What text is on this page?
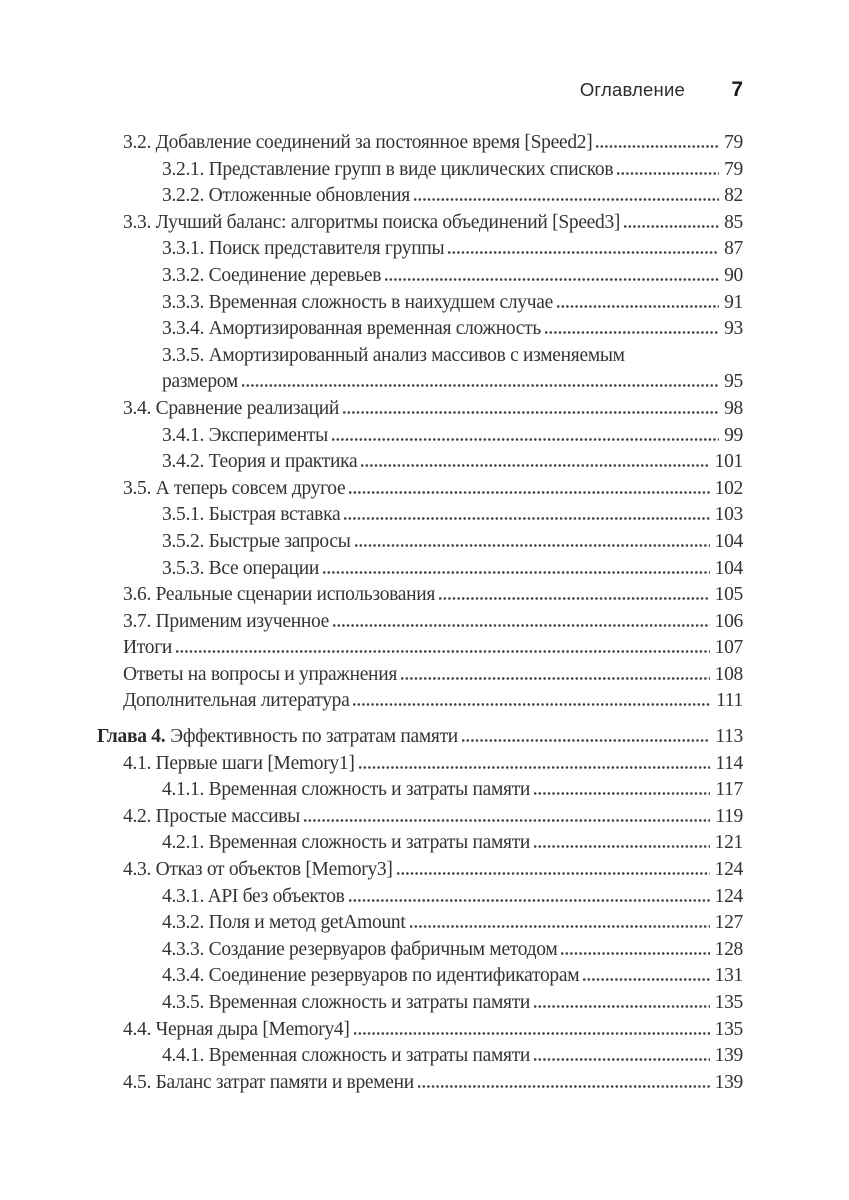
Оглавление	7
3.2. Добавление соединений за постоянное время [Speed2]	79
3.2.1. Представление групп в виде циклических списков	79
3.2.2. Отложенные обновления	82
3.3. Лучший баланс: алгоритмы поиска объединений [Speed3]	85
3.3.1. Поиск представителя группы	87
3.3.2. Соединение деревьев	90
3.3.3. Временная сложность в наихудшем случае	91
3.3.4. Амортизированная временная сложность	93
3.3.5. Амортизированный анализ массивов с изменяемым
размером	95
3.4. Сравнение реализаций	98
3.4.1. Эксперименты	99
3.4.2. Теория и практика	101
3.5. А теперь совсем другое	102
3.5.1. Быстрая вставка	103
3.5.2. Быстрые запросы	104
3.5.3. Все операции	104
3.6. Реальные сценарии использования	105
3.7. Применим изученное	106
Итоги	107
Ответы на вопросы и упражнения	108
Дополнительная литература	111
Глава 4. Эффективность по затратам памяти	113
4.1. Первые шаги [Memory1]	114
4.1.1. Временная сложность и затраты памяти	117
4.2. Простые массивы	119
4.2.1. Временная сложность и затраты памяти	121
4.3. Отказ от объектов [Memory3]	124
4.3.1. API без объектов	124
4.3.2. Поля и метод getAmount	127
4.3.3. Создание резервуаров фабричным методом	128
4.3.4. Соединение резервуаров по идентификаторам	131
4.3.5. Временная сложность и затраты памяти	135
4.4. Черная дыра [Memory4]	135
4.4.1. Временная сложность и затраты памяти	139
4.5. Баланс затрат памяти и времени	139
